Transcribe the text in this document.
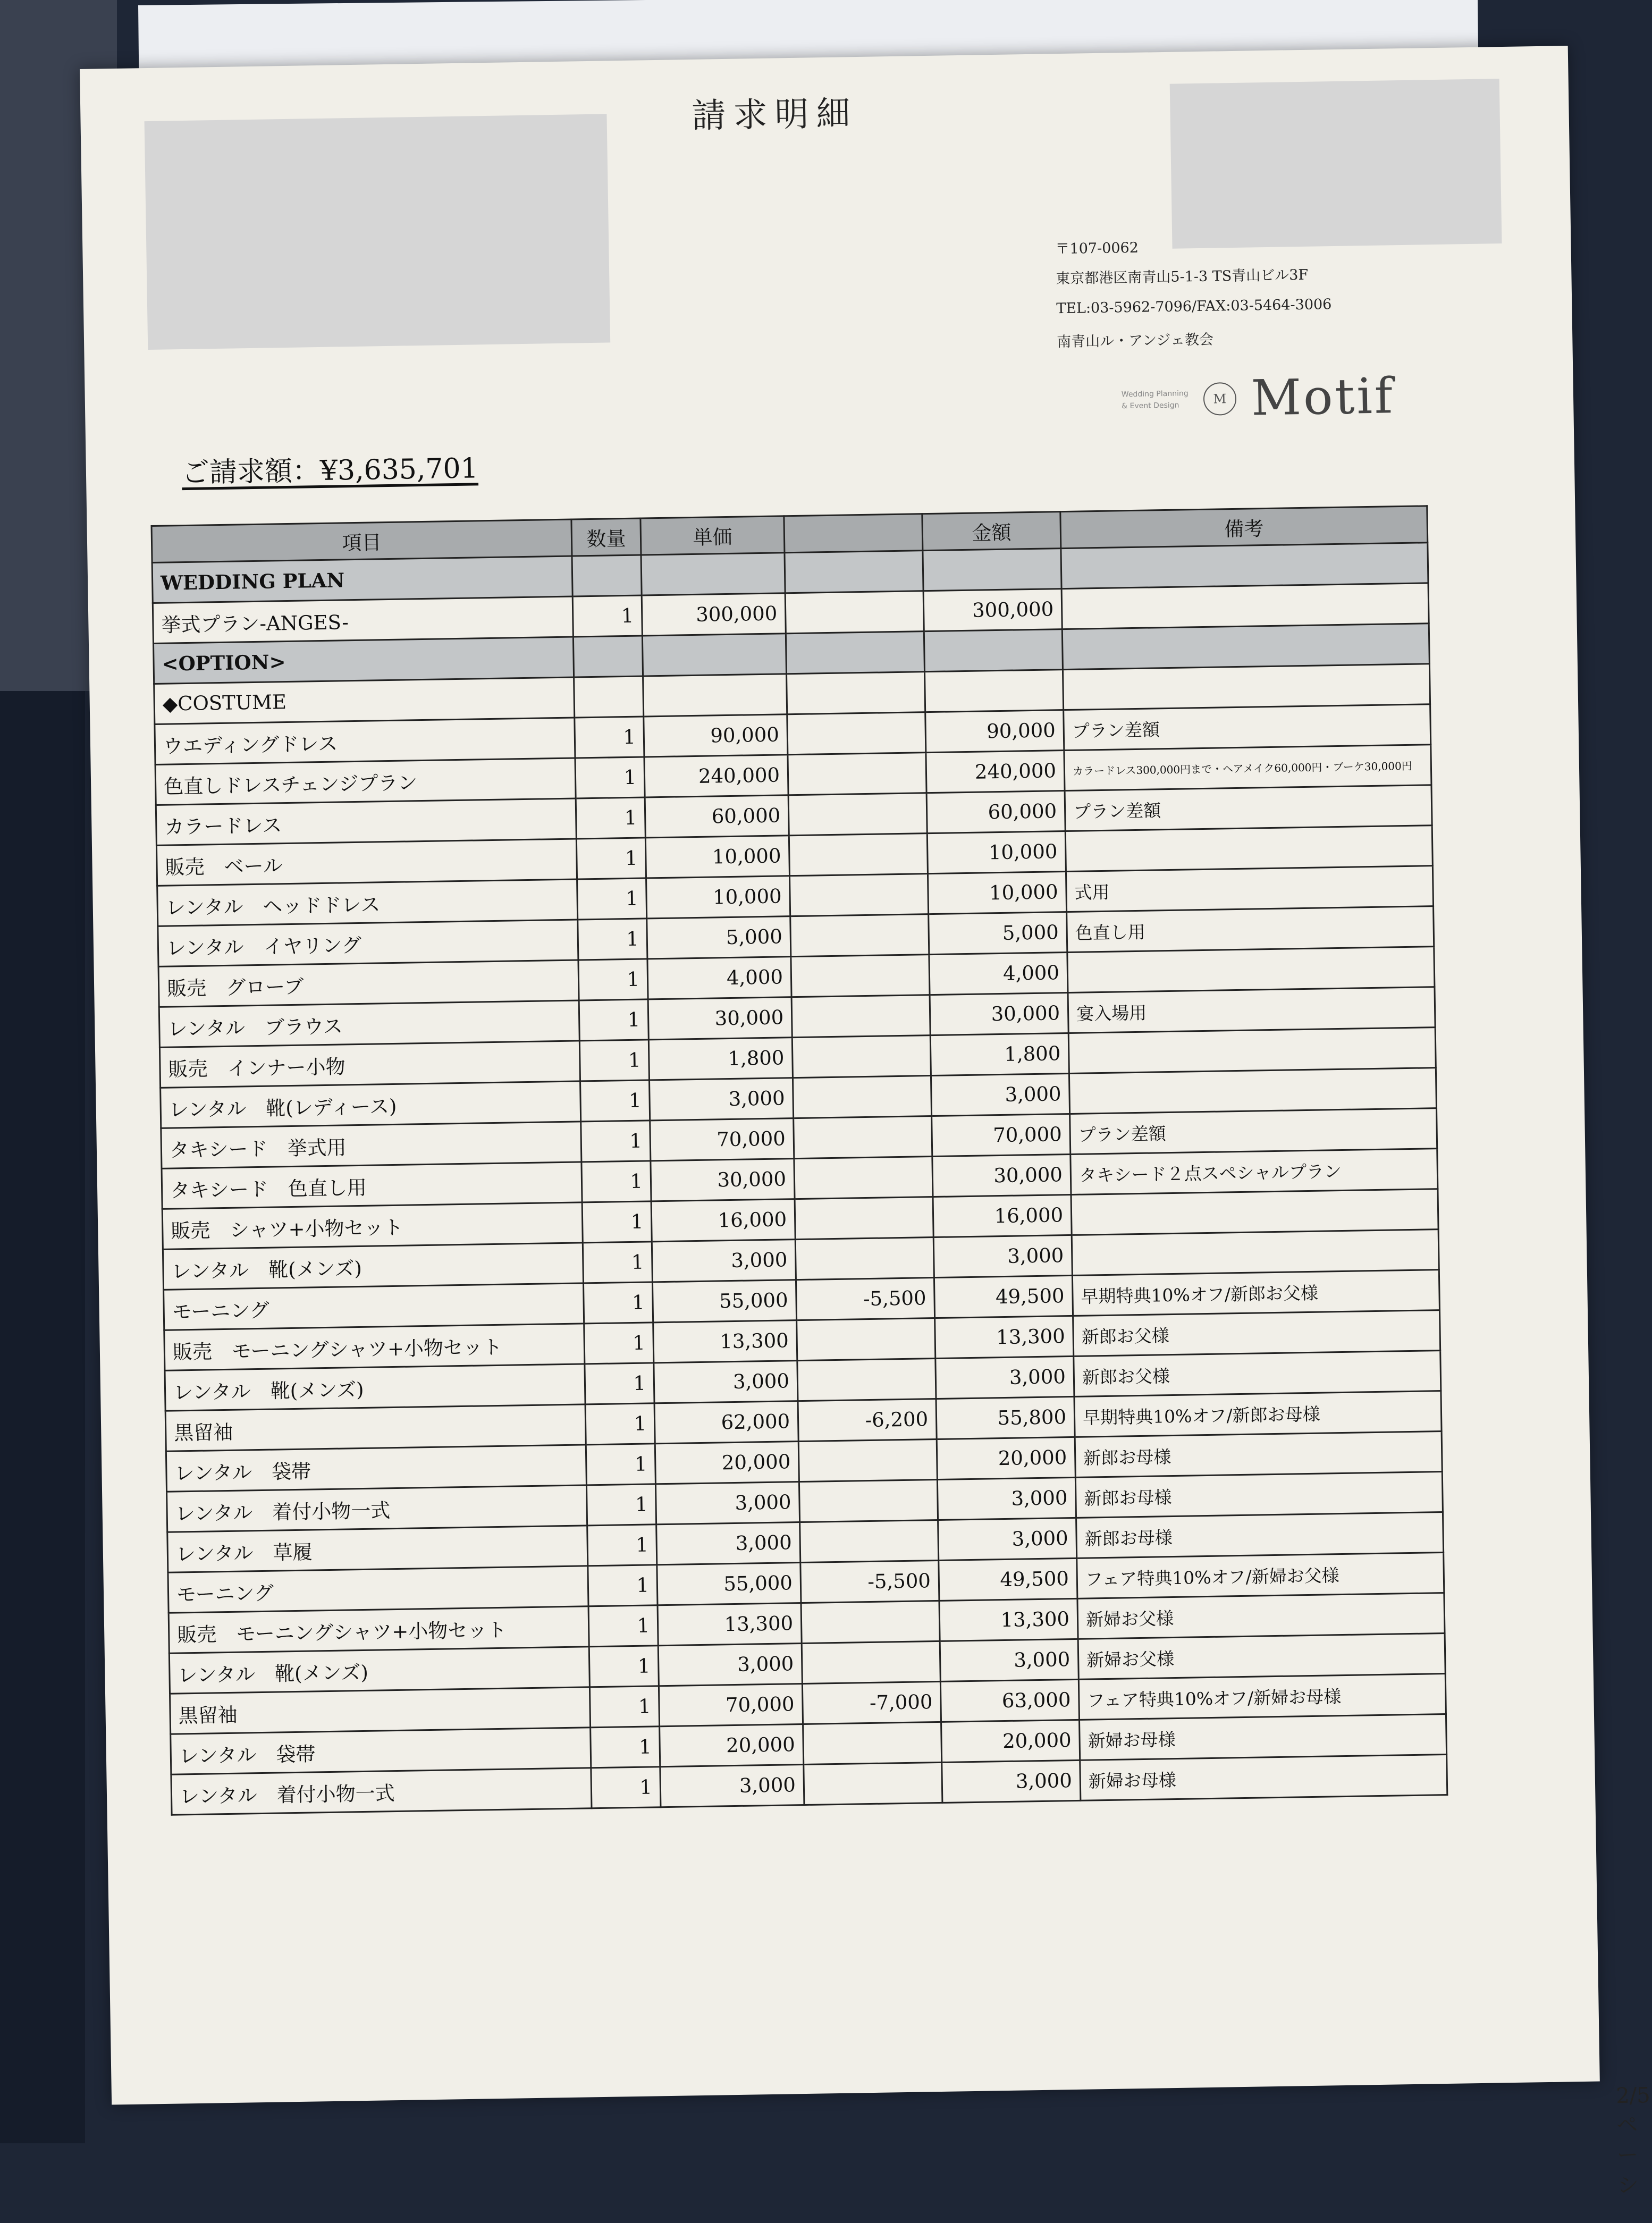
請求明細
〒107-0062
東京都港区南青山5-1-3 TS青山ビル3F
TEL:03-5962-7096/FAX:03-5464-3006
南青山ル・アンジェ教会
Wedding Planning
& Event Design	M Motif
ご請求額：¥3,635,701
項目	数量	単価		金額	備考
WEDDING PLAN					
挙式プラン-ANGES-	1	300,000		300,000	
<OPTION>					
◆COSTUME					
ウエディングドレス	1	90,000		90,000	プラン差額
色直しドレスチェンジプラン	1	240,000		240,000	カラードレス300,000円まで・ヘアメイク60,000円・ブーケ30,000円
カラードレス	1	60,000		60,000	プラン差額
販売　ベール	1	10,000		10,000	
レンタル　ヘッドドレス	1	10,000		10,000	式用
レンタル　イヤリング	1	5,000		5,000	色直し用
販売　グローブ	1	4,000		4,000	
レンタル　ブラウス	1	30,000		30,000	宴入場用
販売　インナー小物	1	1,800		1,800	
レンタル　靴(レディース)	1	3,000		3,000	
タキシード　挙式用	1	70,000		70,000	プラン差額
タキシード　色直し用	1	30,000		30,000	タキシード２点スペシャルプラン
販売　シャツ+小物セット	1	16,000		16,000	
レンタル　靴(メンズ)	1	3,000		3,000	
モーニング	1	55,000	-5,500	49,500	早期特典10%オフ/新郎お父様
販売　モーニングシャツ+小物セット	1	13,300		13,300	新郎お父様
レンタル　靴(メンズ)	1	3,000		3,000	新郎お父様
黒留袖	1	62,000	-6,200	55,800	早期特典10%オフ/新郎お母様
レンタル　袋帯	1	20,000		20,000	新郎お母様
レンタル　着付小物一式	1	3,000		3,000	新郎お母様
レンタル　草履	1	3,000		3,000	新郎お母様
モーニング	1	55,000	-5,500	49,500	フェア特典10%オフ/新婦お父様
販売　モーニングシャツ+小物セット	1	13,300		13,300	新婦お父様
レンタル　靴(メンズ)	1	3,000		3,000	新婦お父様
黒留袖	1	70,000	-7,000	63,000	フェア特典10%オフ/新婦お母様
レンタル　袋帯	1	20,000		20,000	新婦お母様
レンタル　着付小物一式	1	3,000		3,000	新婦お母様
2/5ペーシ
